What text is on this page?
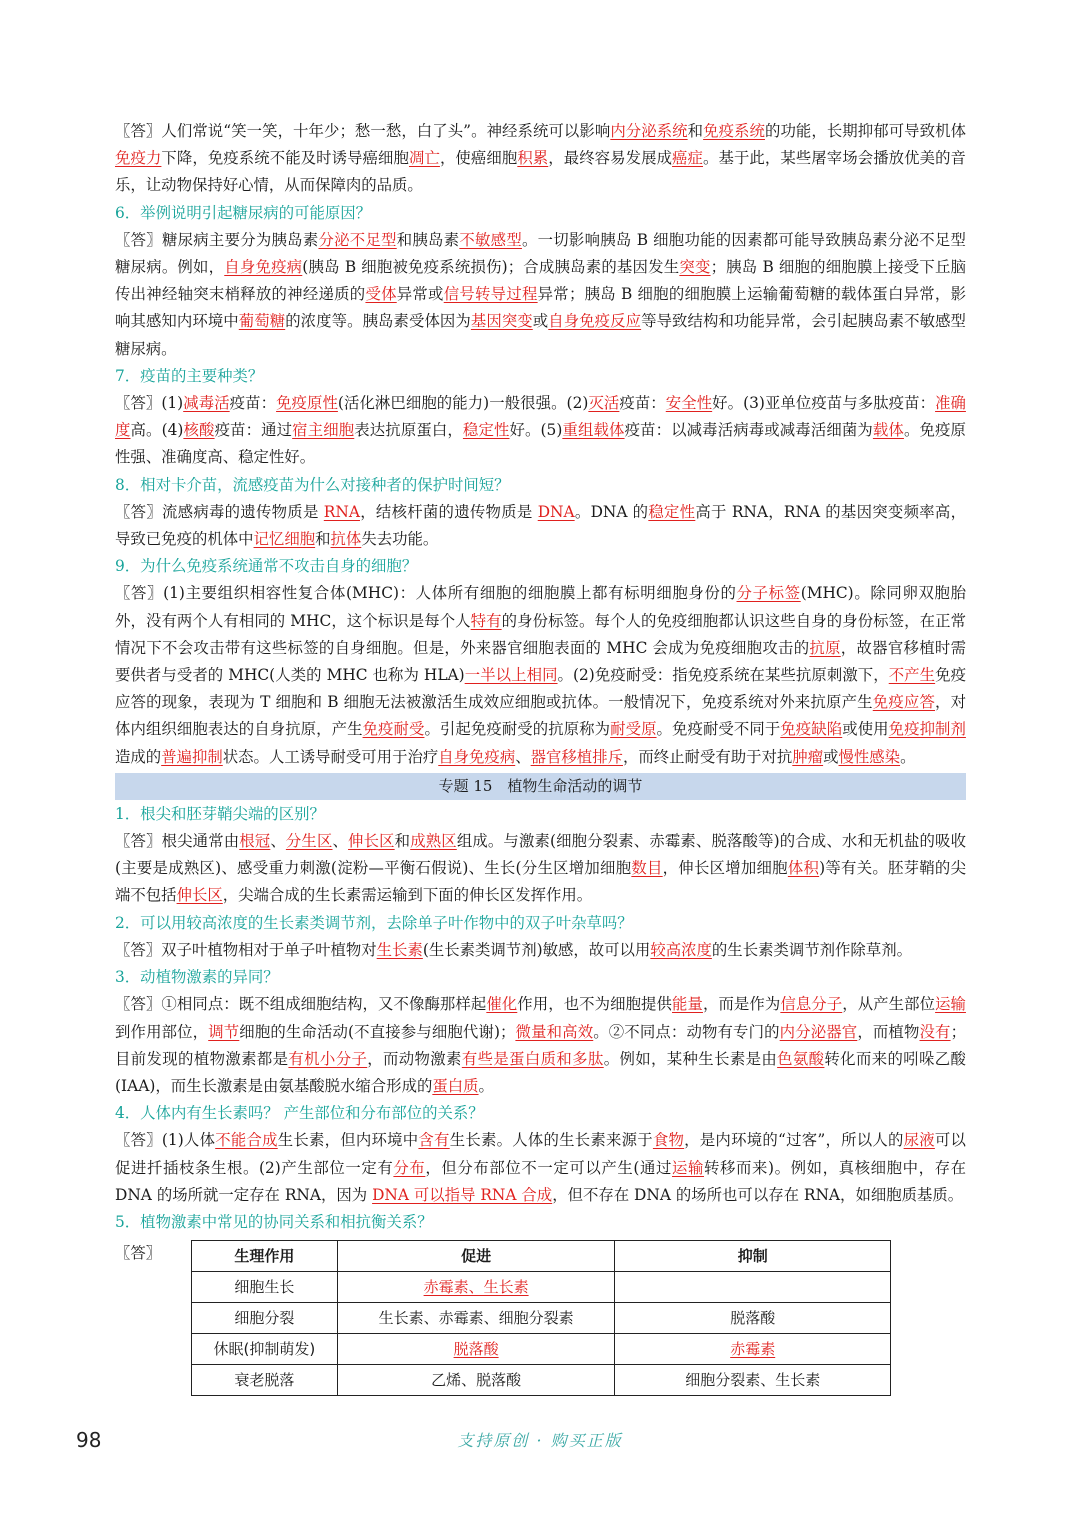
〖答〗人们常说“笑一笑，十年少；愁一愁，白了头”。神经系统可以影响内分泌系统和免疫系统的功能，长期抑郁可导致机体免疫力下降，免疫系统不能及时诱导癌细胞凋亡，使癌细胞积累，最终容易发展成癌症。基于此，某些屠宰场会播放优美的音乐，让动物保持好心情，从而保障肉的品质。
6．举例说明引起糖尿病的可能原因？
〖答〗糖尿病主要分为胰岛素分泌不足型和胰岛素不敏感型。一切影响胰岛 B 细胞功能的因素都可能导致胰岛素分泌不足型糖尿病。例如，自身免疫病(胰岛 B 细胞被免疫系统损伤)；合成胰岛素的基因发生突变；胰岛 B 细胞的细胞膜上接受下丘脑传出神经轴突末梢释放的神经递质的受体异常或信号转导过程异常；胰岛 B 细胞的细胞膜上运输葡萄糖的载体蛋白异常，影响其感知内环境中葡萄糖的浓度等。胰岛素受体因为基因突变或自身免疫反应等导致结构和功能异常，会引起胰岛素不敏感型糖尿病。
7．疫苗的主要种类？
〖答〗(1)减毒活疫苗：免疫原性(活化淋巴细胞的能力)一般很强。(2)灭活疫苗：安全性好。(3)亚单位疫苗与多肽疫苗：准确度高。(4)核酸疫苗：通过宿主细胞表达抗原蛋白，稳定性好。(5)重组载体疫苗：以减毒活病毒或减毒活细菌为载体。免疫原性强、准确度高、稳定性好。
8．相对卡介苗，流感疫苗为什么对接种者的保护时间短？
〖答〗流感病毒的遗传物质是 RNA，结核杆菌的遗传物质是 DNA。DNA 的稳定性高于 RNA，RNA 的基因突变频率高，导致已免疫的机体中记忆细胞和抗体失去功能。
9．为什么免疫系统通常不攻击自身的细胞？
〖答〗(1)主要组织相容性复合体(MHC)：人体所有细胞的细胞膜上都有标明细胞身份的分子标签(MHC)。除同卵双胞胎外，没有两个人有相同的 MHC，这个标识是每个人特有的身份标签。每个人的免疫细胞都认识这些自身的身份标签，在正常情况下不会攻击带有这些标签的自身细胞。但是，外来器官细胞表面的 MHC 会成为免疫细胞攻击的抗原，故器官移植时需要供者与受者的 MHC(人类的 MHC 也称为 HLA)一半以上相同。(2)免疫耐受：指免疫系统在某些抗原刺激下，不产生免疫应答的现象，表现为 T 细胞和 B 细胞无法被激活生成效应细胞或抗体。一般情况下，免疫系统对外来抗原产生免疫应答，对体内组织细胞表达的自身抗原，产生免疫耐受。引起免疫耐受的抗原称为耐受原。免疫耐受不同于免疫缺陷或使用免疫抑制剂造成的普遍抑制状态。人工诱导耐受可用于治疗自身免疫病、器官移植排斥，而终止耐受有助于对抗肿瘤或慢性感染。
专题 15　植物生命活动的调节
1．根尖和胚芽鞘尖端的区别？
〖答〗根尖通常由根冠、分生区、伸长区和成熟区组成。与激素(细胞分裂素、赤霉素、脱落酸等)的合成、水和无机盐的吸收(主要是成熟区)、感受重力刺激(淀粉—平衡石假说)、生长(分生区增加细胞数目，伸长区增加细胞体积)等有关。胚芽鞘的尖端不包括伸长区，尖端合成的生长素需运输到下面的伸长区发挥作用。
2．可以用较高浓度的生长素类调节剂，去除单子叶作物中的双子叶杂草吗？
〖答〗双子叶植物相对于单子叶植物对生长素(生长素类调节剂)敏感，故可以用较高浓度的生长素类调节剂作除草剂。
3．动植物激素的异同？
〖答〗①相同点：既不组成细胞结构，又不像酶那样起催化作用，也不为细胞提供能量，而是作为信息分子，从产生部位运输到作用部位，调节细胞的生命活动(不直接参与细胞代谢)；微量和高效。②不同点：动物有专门的内分泌器官，而植物没有；目前发现的植物激素都是有机小分子，而动物激素有些是蛋白质和多肽。例如，某种生长素是由色氨酸转化而来的吲哚乙酸(IAA)，而生长激素是由氨基酸脱水缩合形成的蛋白质。
4．人体内有生长素吗？ 产生部位和分布部位的关系？
〖答〗(1)人体不能合成生长素，但内环境中含有生长素。人体的生长素来源于食物，是内环境的“过客”，所以人的尿液可以促进扦插枝条生根。(2)产生部位一定有分布，但分布部位不一定可以产生(通过运输转移而来)。例如，真核细胞中，存在 DNA 的场所就一定存在 RNA，因为 DNA 可以指导 RNA 合成，但不存在 DNA 的场所也可以存在 RNA，如细胞质基质。
5．植物激素中常见的协同关系和相抗衡关系？
〖答〗	生理作用	促进	抑制
细胞生长	赤霉素、生长素	
细胞分裂	生长素、赤霉素、细胞分裂素	脱落酸
休眠(抑制萌发)	脱落酸	赤霉素
衰老脱落	乙烯、脱落酸	细胞分裂素、生长素
98	支持原创 · 购买正版
